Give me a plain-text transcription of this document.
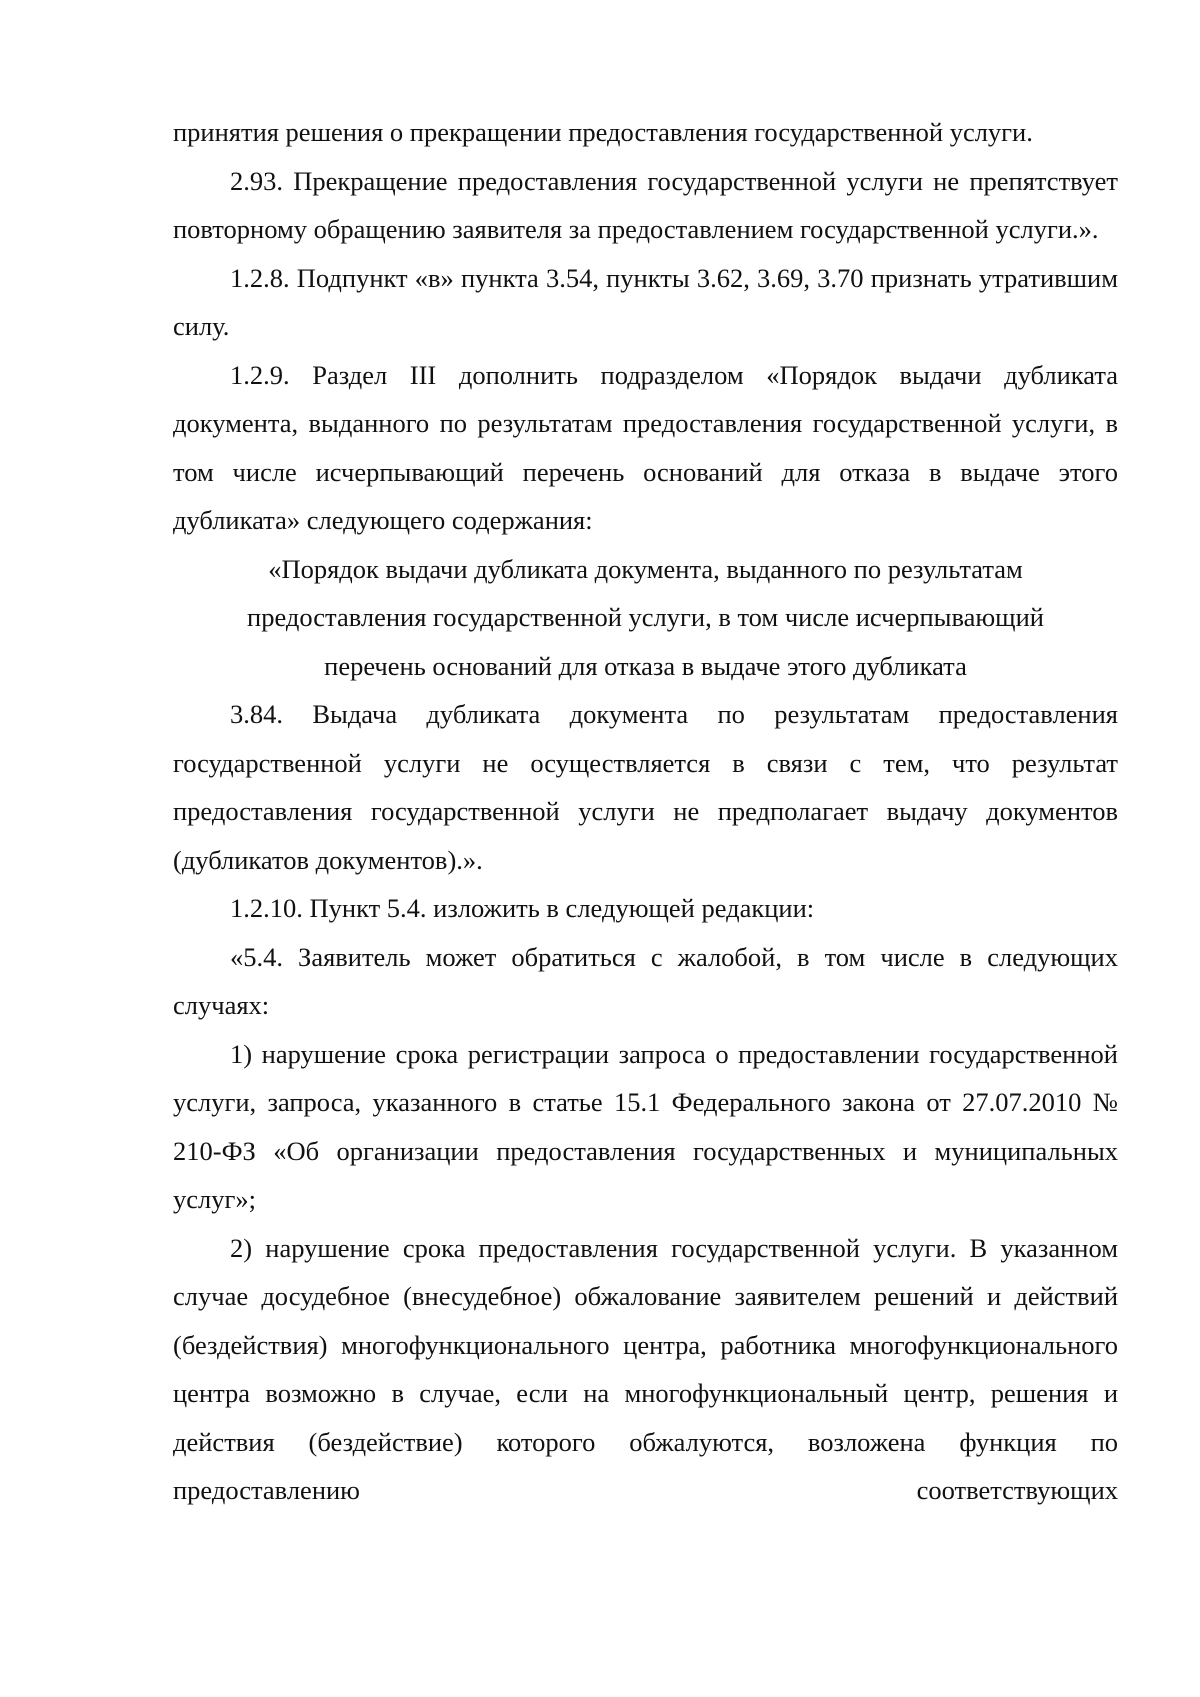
принятия решения о прекращении предоставления государственной услуги.

2.93. Прекращение предоставления государственной услуги не препятствует повторному обращению заявителя за предоставлением государственной услуги.».

1.2.8. Подпункт «в» пункта 3.54, пункты 3.62, 3.69, 3.70 признать утратившим силу.

1.2.9. Раздел III дополнить подразделом «Порядок выдачи дубликата документа, выданного по результатам предоставления государственной услуги, в том числе исчерпывающий перечень оснований для отказа в выдаче этого дубликата» следующего содержания:

«Порядок выдачи дубликата документа, выданного по результатам предоставления государственной услуги, в том числе исчерпывающий перечень оснований для отказа в выдаче этого дубликата

3.84. Выдача дубликата документа по результатам предоставления государственной услуги не осуществляется в связи с тем, что результат предоставления государственной услуги не предполагает выдачу документов (дубликатов документов).».

1.2.10. Пункт 5.4. изложить в следующей редакции:

«5.4. Заявитель может обратиться с жалобой, в том числе в следующих случаях:

1) нарушение срока регистрации запроса о предоставлении государственной услуги, запроса, указанного в статье 15.1 Федерального закона от 27.07.2010 № 210-ФЗ «Об организации предоставления государственных и муниципальных услуг»;

2) нарушение срока предоставления государственной услуги. В указанном случае досудебное (внесудебное) обжалование заявителем решений и действий (бездействия) многофункционального центра, работника многофункционального центра возможно в случае, если на многофункциональный центр, решения и действия (бездействие) которого обжалуются, возложена функция по предоставлению соответствующих
